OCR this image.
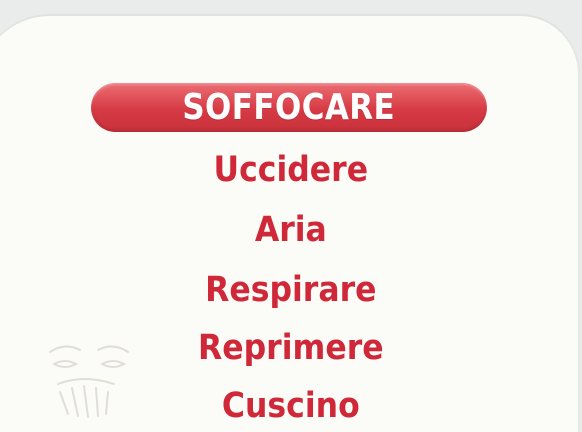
SOFFOCARE
Uccidere
Aria
Respirare
Reprimere
Cuscino
